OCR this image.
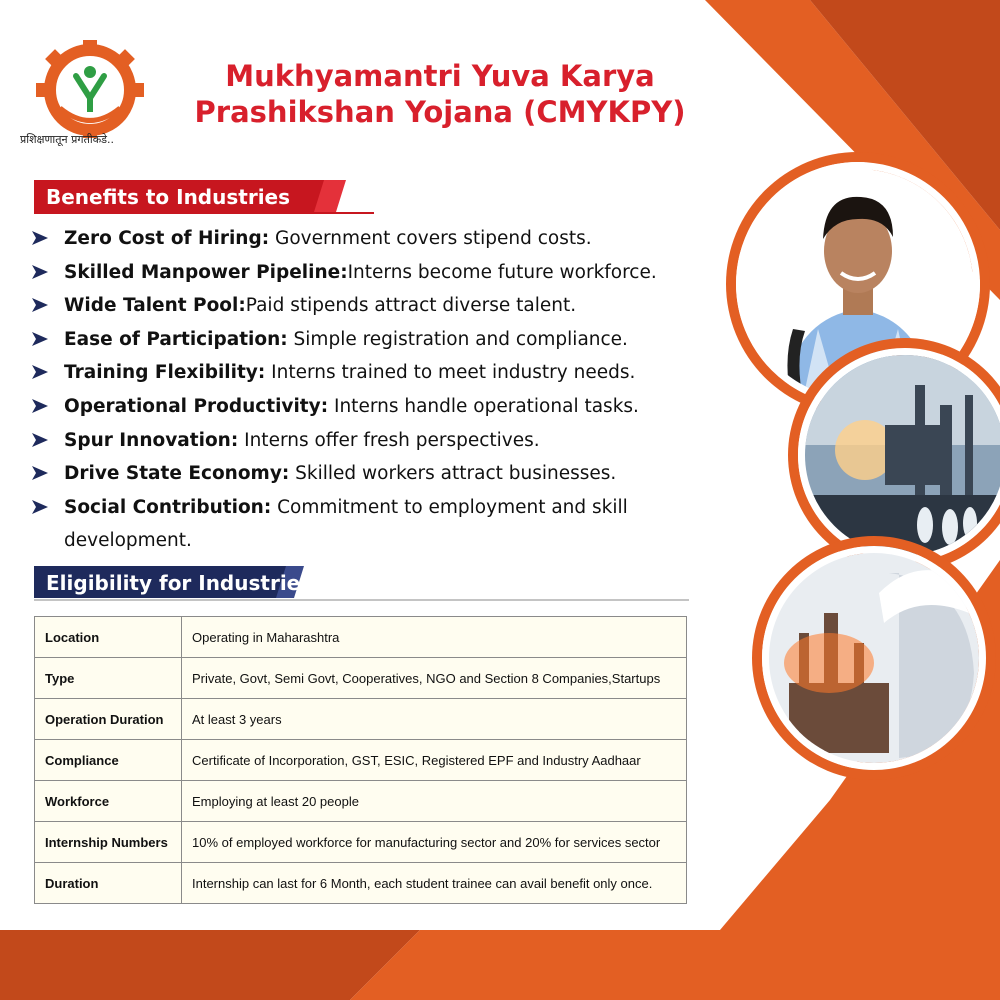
प्रशिक्षणातून प्रगतीकडे..
Mukhyamantri Yuva Karya
Prashikshan Yojana (CMYKPY)
Benefits to Industries
Zero Cost of Hiring: Government covers stipend costs.
Skilled Manpower Pipeline:Interns become future workforce.
Wide Talent Pool:Paid stipends attract diverse talent.
Ease of Participation: Simple registration and compliance.
Training Flexibility: Interns trained to meet industry needs.
Operational Productivity: Interns handle operational tasks.
Spur Innovation: Interns offer fresh perspectives.
Drive State Economy: Skilled workers attract businesses.
Social Contribution: Commitment to employment and skill development.
Eligibility for Industries
Location	Operating in Maharashtra
Type	Private, Govt, Semi Govt, Cooperatives, NGO and Section 8 Companies,Startups
Operation Duration	At least 3 years
Compliance	Certificate of Incorporation, GST, ESIC, Registered EPF and Industry Aadhaar
Workforce	Employing at least 20 people
Internship Numbers	10% of employed workforce for manufacturing sector and 20% for services sector
Duration	Internship can last for 6 Month, each student trainee can avail benefit only once.
